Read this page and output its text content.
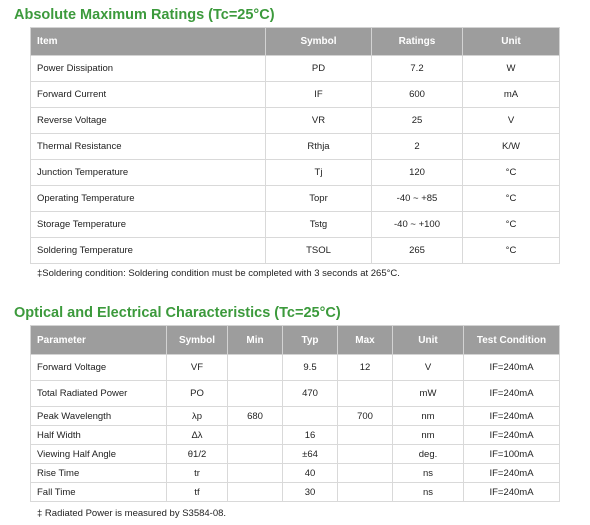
Absolute Maximum Ratings (Tc=25°C)
Item	Symbol	Ratings	Unit
Power Dissipation	PD	7.2	W
Forward Current	IF	600	mA
Reverse Voltage	VR	25	V
Thermal Resistance	Rthja	2	K/W
Junction Temperature	Tj	120	°C
Operating Temperature	Topr	-40 ~ +85	°C
Storage Temperature	Tstg	-40 ~ +100	°C
Soldering Temperature	TSOL	265	°C

‡Soldering condition: Soldering condition must be completed with 3 seconds at 265°C.

Optical and Electrical Characteristics (Tc=25°C)
Parameter	Symbol	Min	Typ	Max	Unit	Test Condition
Forward Voltage	VF		9.5	12	V	IF=240mA
Total Radiated Power	PO		470		mW	IF=240mA
Peak Wavelength	λp	680		700	nm	IF=240mA
Half Width	Δλ		16		nm	IF=240mA
Viewing Half Angle	θ1/2		±64		deg.	IF=100mA
Rise Time	tr		40		ns	IF=240mA
Fall Time	tf		30		ns	IF=240mA

‡ Radiated Power is measured by S3584-08.
